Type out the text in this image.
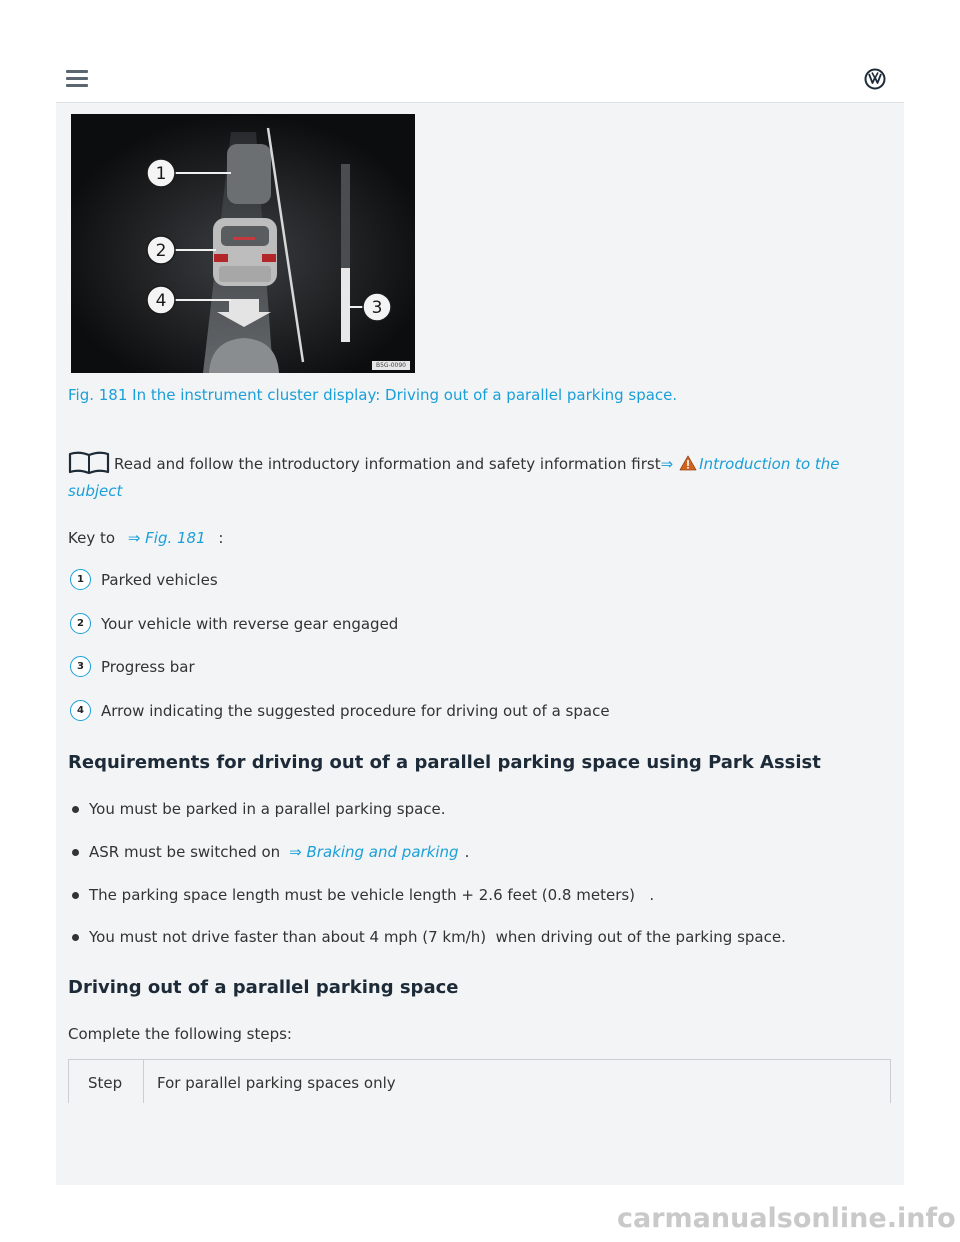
1
2
3
4
B5G-0090
Fig. 181 In the instrument cluster display: Driving out of a parallel parking space.
Read and follow the introductory information and safety information first⇒ Introduction to the subject
Key to ⇒ Fig. 181 :
1	Parked vehicles
2	Your vehicle with reverse gear engaged
3	Progress bar
4	Arrow indicating the suggested procedure for driving out of a space
Requirements for driving out of a parallel parking space using Park Assist
You must be parked in a parallel parking space.
ASR must be switched on ⇒ Braking and parking .
The parking space length must be vehicle length + 2.6 feet (0.8 meters)   .
You must not drive faster than about 4 mph (7 km/h)  when driving out of the parking space.
Driving out of a parallel parking space
Complete the following steps:
Step	For parallel parking spaces only
carmanualsonline.info
